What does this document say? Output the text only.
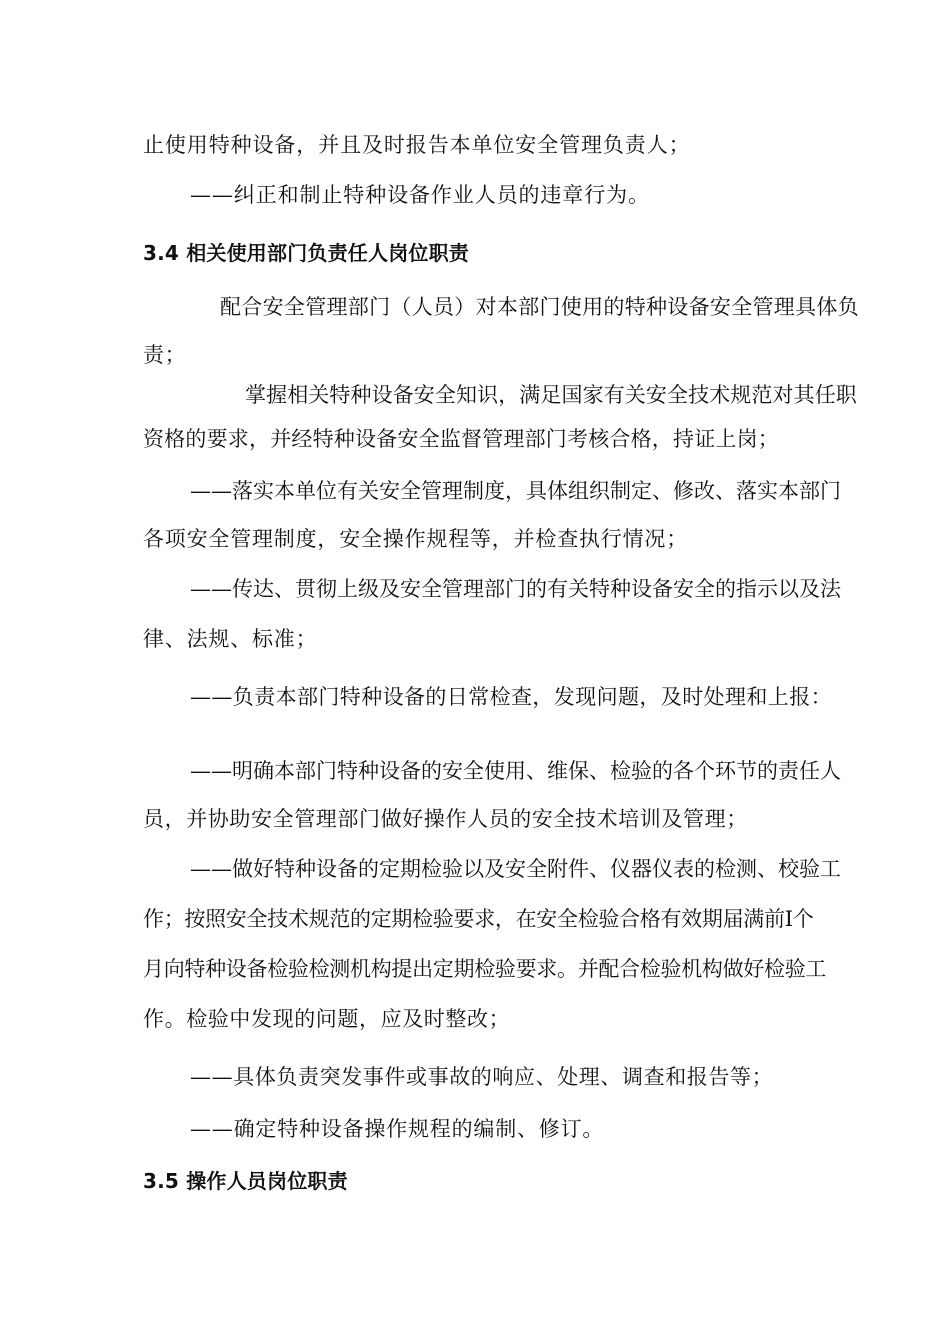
止使用特种设备，并且及时报告本单位安全管理负责人；
——纠正和制止特种设备作业人员的违章行为。
3.4 相关使用部门负责任人岗位职责
配合安全管理部门（人员）对本部门使用的特种设备安全管理具体负
责；
掌握相关特种设备安全知识，满足国家有关安全技术规范对其任职
资格的要求，并经特种设备安全监督管理部门考核合格，持证上岗；
——落实本单位有关安全管理制度，具体组织制定、修改、落实本部门
各项安全管理制度，安全操作规程等，并检查执行情况；
——传达、贯彻上级及安全管理部门的有关特种设备安全的指示以及法
律、法规、标准；
——负责本部门特种设备的日常检查，发现问题，及时处理和上报：
——明确本部门特种设备的安全使用、维保、检验的各个环节的责任人
员，并协助安全管理部门做好操作人员的安全技术培训及管理；
——做好特种设备的定期检验以及安全附件、仪器仪表的检测、校验工
作；按照安全技术规范的定期检验要求，在安全检验合格有效期届满前Ⅰ个
月向特种设备检验检测机构提出定期检验要求。并配合检验机构做好检验工
作。检验中发现的问题，应及时整改；
——具体负责突发事件或事故的响应、处理、调查和报告等；
——确定特种设备操作规程的编制、修订。
3.5 操作人员岗位职责
